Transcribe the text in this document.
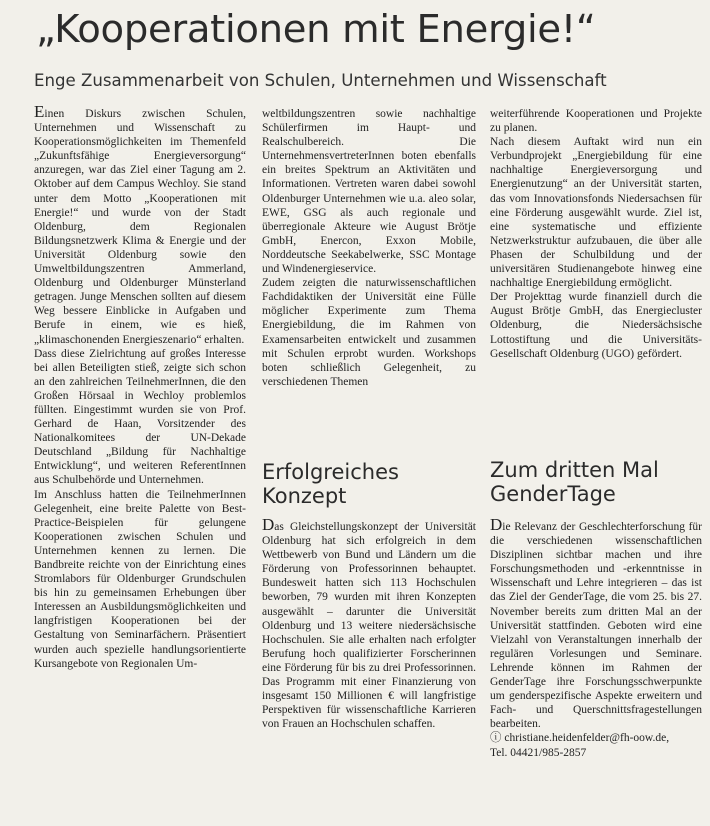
„Kooperationen mit Energie!“
Enge Zusammenarbeit von Schulen, Unternehmen und Wissenschaft

Einen Diskurs zwischen Schulen, Unternehmen und Wissenschaft zu Kooperationsmöglichkeiten im Themenfeld „Zukunftsfähige Energieversorgung“ anzuregen, war das Ziel einer Tagung am 2. Oktober auf dem Campus Wechloy. Sie stand unter dem Motto „Kooperationen mit Energie!“ und wurde von der Stadt Oldenburg, dem Regionalen Bildungsnetzwerk Klima & Energie und der Universität Oldenburg sowie den Umweltbildungszentren Ammerland, Oldenburg und Oldenburger Münsterland getragen. Junge Menschen sollten auf diesem Weg bessere Einblicke in Aufgaben und Berufe in einem, wie es hieß, „klimaschonenden Energieszenario“ erhalten.

Dass diese Zielrichtung auf großes Interesse bei allen Beteiligten stieß, zeigte sich schon an den zahlreichen TeilnehmerInnen, die den Großen Hörsaal in Wechloy problemlos füllten. Eingestimmt wurden sie von Prof. Gerhard de Haan, Vorsitzender des Nationalkomitees der UN-Dekade Deutschland „Bildung für Nachhaltige Entwicklung“, und weiteren ReferentInnen aus Schulbehörde und Unternehmen.

Im Anschluss hatten die TeilnehmerInnen Gelegenheit, eine breite Palette von Best-Practice-Beispielen für gelungene Kooperationen zwischen Schulen und Unternehmen kennen zu lernen. Die Bandbreite reichte von der Einrichtung eines Stromlabors für Oldenburger Grundschulen bis hin zu gemeinsamen Erhebungen über Interessen an Ausbildungsmöglichkeiten und langfristigen Kooperationen bei der Gestaltung von Seminarfächern. Präsentiert wurden auch spezielle handlungsorientierte Kursangebote von Regionalen Um-

weltbildungszentren sowie nachhaltige Schülerfirmen im Haupt- und Realschulbereich. Die UnternehmensvertreterInnen boten ebenfalls ein breites Spektrum an Aktivitäten und Informationen. Vertreten waren dabei sowohl Oldenburger Unternehmen wie u.a. aleo solar, EWE, GSG als auch regionale und überregionale Akteure wie August Brötje GmbH, Enercon, Exxon Mobile, Norddeutsche Seekabelwerke, SSC Montage und Windenergieservice.

Zudem zeigten die naturwissenschaftlichen Fachdidaktiken der Universität eine Fülle möglicher Experimente zum Thema Energiebildung, die im Rahmen von Examensarbeiten entwickelt und zusammen mit Schulen erprobt wurden. Workshops boten schließlich Gelegenheit, zu verschiedenen Themen

weiterführende Kooperationen und Projekte zu planen.

Nach diesem Auftakt wird nun ein Verbundprojekt „Energiebildung für eine nachhaltige Energieversorgung und Energienutzung“ an der Universität starten, das vom Innovationsfonds Niedersachsen für eine Förderung ausgewählt wurde. Ziel ist, eine systematische und effiziente Netzwerkstruktur aufzubauen, die über alle Phasen der Schulbildung und der universitären Studienangebote hinweg eine nachhaltige Energiebildung ermöglicht.

Der Projekttag wurde finanziell durch die August Brötje GmbH, das Energiecluster Oldenburg, die Niedersächsische Lottostiftung und die Universitäts-Gesellschaft Oldenburg (UGO) gefördert.

Erfolgreiches Konzept

Das Gleichstellungskonzept der Universität Oldenburg hat sich erfolgreich in dem Wettbewerb von Bund und Ländern um die Förderung von Professorinnen behauptet. Bundesweit hatten sich 113 Hochschulen beworben, 79 wurden mit ihren Konzepten ausgewählt – darunter die Universität Oldenburg und 13 weitere niedersächsische Hochschulen. Sie alle erhalten nach erfolgter Berufung hoch qualifizierter Forscherinnen eine Förderung für bis zu drei Professorinnen. Das Programm mit einer Finanzierung von insgesamt 150 Millionen € will langfristige Perspektiven für wissenschaftliche Karrieren von Frauen an Hochschulen schaffen.

Zum dritten Mal GenderTage

Die Relevanz der Geschlechterforschung für die verschiedenen wissenschaftlichen Disziplinen sichtbar machen und ihre Forschungsmethoden und -erkenntnisse in Wissenschaft und Lehre integrieren – das ist das Ziel der GenderTage, die vom 25. bis 27. November bereits zum dritten Mal an der Universität stattfinden. Geboten wird eine Vielzahl von Veranstaltungen innerhalb der regulären Vorlesungen und Seminare. Lehrende können im Rahmen der GenderTage ihre Forschungsschwerpunkte um genderspezifische Aspekte erweitern und Fach- und Querschnittsfragestellungen bearbeiten.

ⓘ christiane.heidenfelder@fh-oow.de,
Tel. 04421/985-2857
